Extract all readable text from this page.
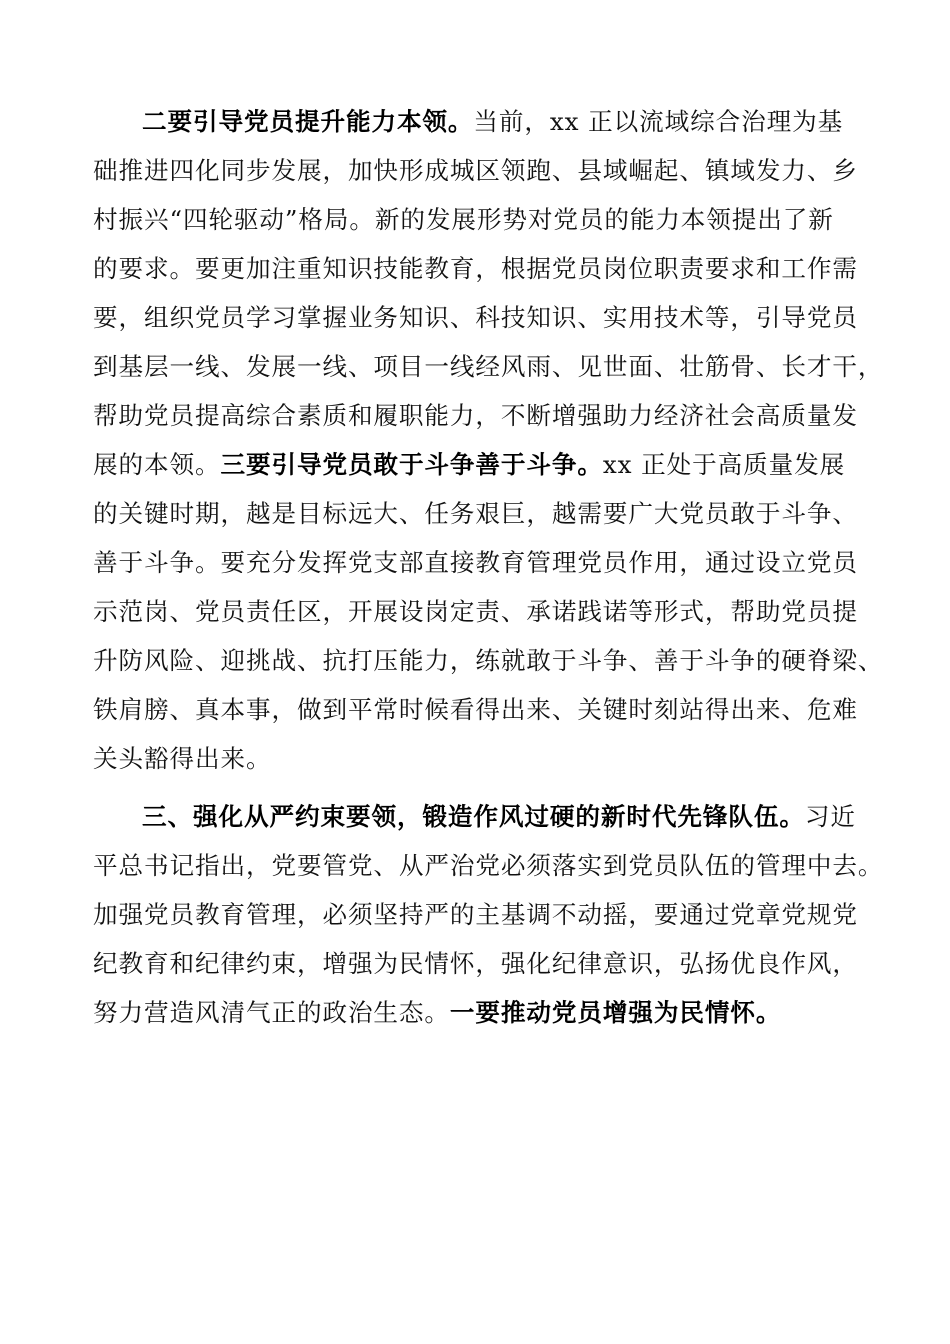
二要引导党员提升能力本领。当前，xx 正以流域综合治理为基
础推进四化同步发展，加快形成城区领跑、县域崛起、镇域发力、乡
村振兴“四轮驱动”格局。新的发展形势对党员的能力本领提出了新
的要求。要更加注重知识技能教育，根据党员岗位职责要求和工作需
要，组织党员学习掌握业务知识、科技知识、实用技术等，引导党员
到基层一线、发展一线、项目一线经风雨、见世面、壮筋骨、长才干，
帮助党员提高综合素质和履职能力，不断增强助力经济社会高质量发
展的本领。三要引导党员敢于斗争善于斗争。xx 正处于高质量发展
的关键时期，越是目标远大、任务艰巨，越需要广大党员敢于斗争、
善于斗争。要充分发挥党支部直接教育管理党员作用，通过设立党员
示范岗、党员责任区，开展设岗定责、承诺践诺等形式，帮助党员提
升防风险、迎挑战、抗打压能力，练就敢于斗争、善于斗争的硬脊梁、
铁肩膀、真本事，做到平常时候看得出来、关键时刻站得出来、危难
关头豁得出来。
三、强化从严约束要领，锻造作风过硬的新时代先锋队伍。习近
平总书记指出，党要管党、从严治党必须落实到党员队伍的管理中去。
加强党员教育管理，必须坚持严的主基调不动摇，要通过党章党规党
纪教育和纪律约束，增强为民情怀，强化纪律意识，弘扬优良作风，
努力营造风清气正的政治生态。一要推动党员增强为民情怀。
